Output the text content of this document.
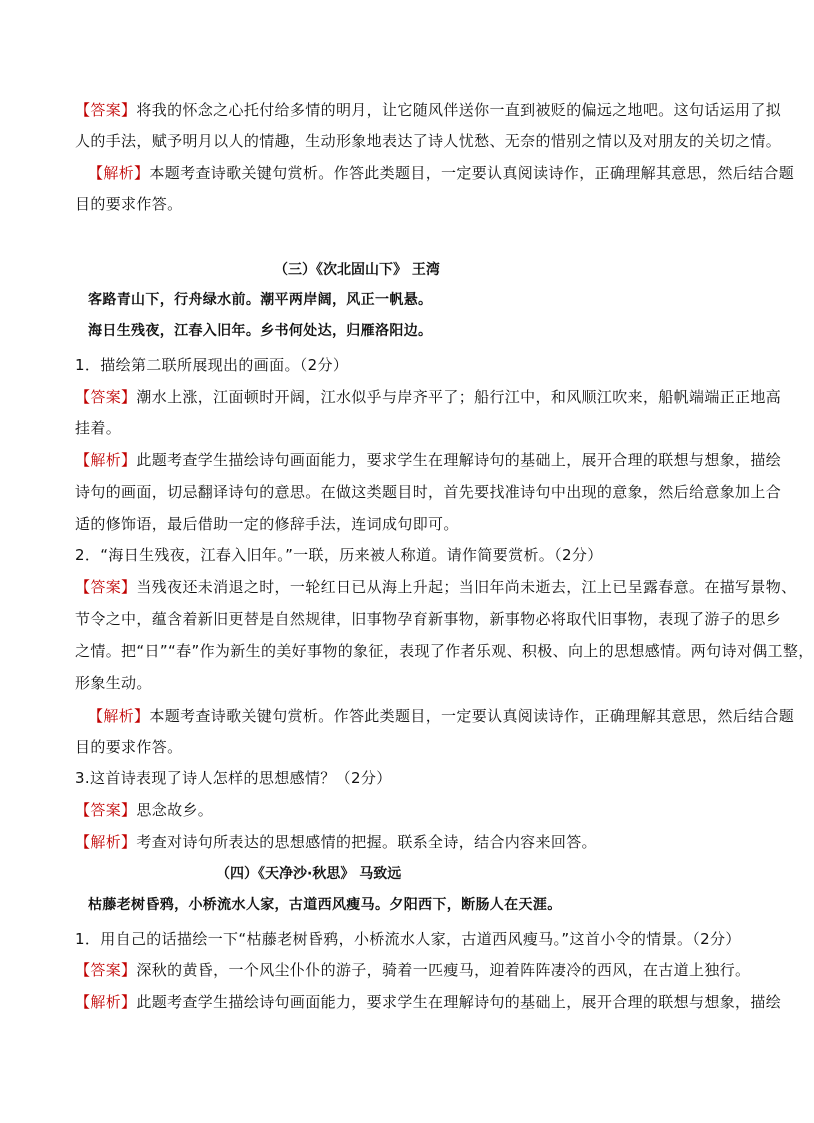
【答案】将我的怀念之心托付给多情的明月，让它随风伴送你一直到被贬的偏远之地吧。这句话运用了拟
人的手法，赋予明月以人的情趣，生动形象地表达了诗人忧愁、无奈的惜别之情以及对朋友的关切之情。
【解析】本题考查诗歌关键句赏析。作答此类题目，一定要认真阅读诗作，正确理解其意思，然后结合题
目的要求作答。
（三）《次北固山下》 王湾
客路青山下，行舟绿水前。潮平两岸阔，风正一帆悬。
海日生残夜，江春入旧年。乡书何处达，归雁洛阳边。
1．描绘第二联所展现出的画面。（2分）
【答案】潮水上涨，江面顿时开阔，江水似乎与岸齐平了；船行江中，和风顺江吹来，船帆端端正正地高
挂着。
【解析】此题考查学生描绘诗句画面能力，要求学生在理解诗句的基础上，展开合理的联想与想象，描绘
诗句的画面，切忌翻译诗句的意思。在做这类题目时，首先要找准诗句中出现的意象，然后给意象加上合
适的修饰语，最后借助一定的修辞手法，连词成句即可。
2．“海日生残夜，江春入旧年。”一联，历来被人称道。请作简要赏析。（2分）
【答案】当残夜还未消退之时，一轮红日已从海上升起；当旧年尚未逝去，江上已呈露春意。在描写景物、
节令之中，蕴含着新旧更替是自然规律，旧事物孕育新事物，新事物必将取代旧事物，表现了游子的思乡
之情。把“日”“春”作为新生的美好事物的象征，表现了作者乐观、积极、向上的思想感情。两句诗对偶工整，
形象生动。
【解析】本题考查诗歌关键句赏析。作答此类题目，一定要认真阅读诗作，正确理解其意思，然后结合题
目的要求作答。
3.这首诗表现了诗人怎样的思想感情？（2分）
【答案】思念故乡。
【解析】考查对诗句所表达的思想感情的把握。联系全诗，结合内容来回答。
（四）《天净沙·秋思》 马致远
枯藤老树昏鸦，小桥流水人家，古道西风瘦马。夕阳西下，断肠人在天涯。
1．用自己的话描绘一下“枯藤老树昏鸦，小桥流水人家，古道西风瘦马。”这首小令的情景。（2分）
【答案】深秋的黄昏，一个风尘仆仆的游子，骑着一匹瘦马，迎着阵阵凄冷的西风，在古道上独行。
【解析】此题考查学生描绘诗句画面能力，要求学生在理解诗句的基础上，展开合理的联想与想象，描绘
